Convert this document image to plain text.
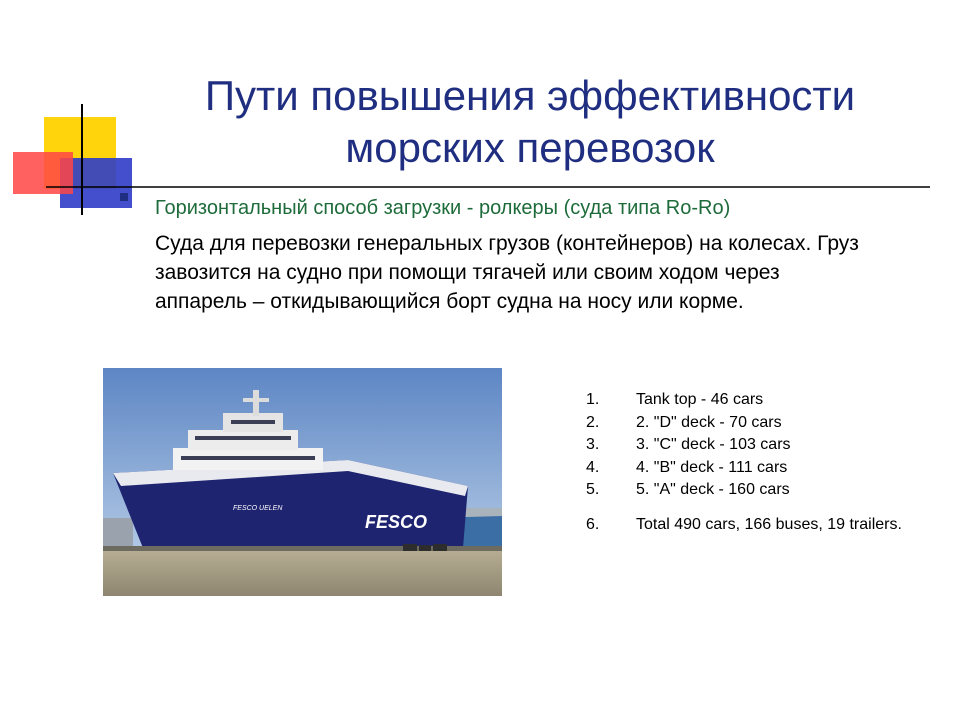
Пути повышения эффективности
морских перевозок
Горизонтальный способ загрузки - ролкеры (суда типа Ro-Ro)
Суда для перевозки генеральных грузов (контейнеров) на колесах. Груз завозится на судно при помощи тягачей или своим ходом через аппарель – откидывающийся борт судна на носу или корме.
FESCO UELEN
FESCO
1. Tank top - 46 cars
2. 2. "D" deck - 70 cars
3. 3. "C" deck - 103 cars
4. 4. "B" deck - 111 cars
5. 5. "A" deck - 160 cars
6. Total 490 cars, 166 buses, 19 trailers.
